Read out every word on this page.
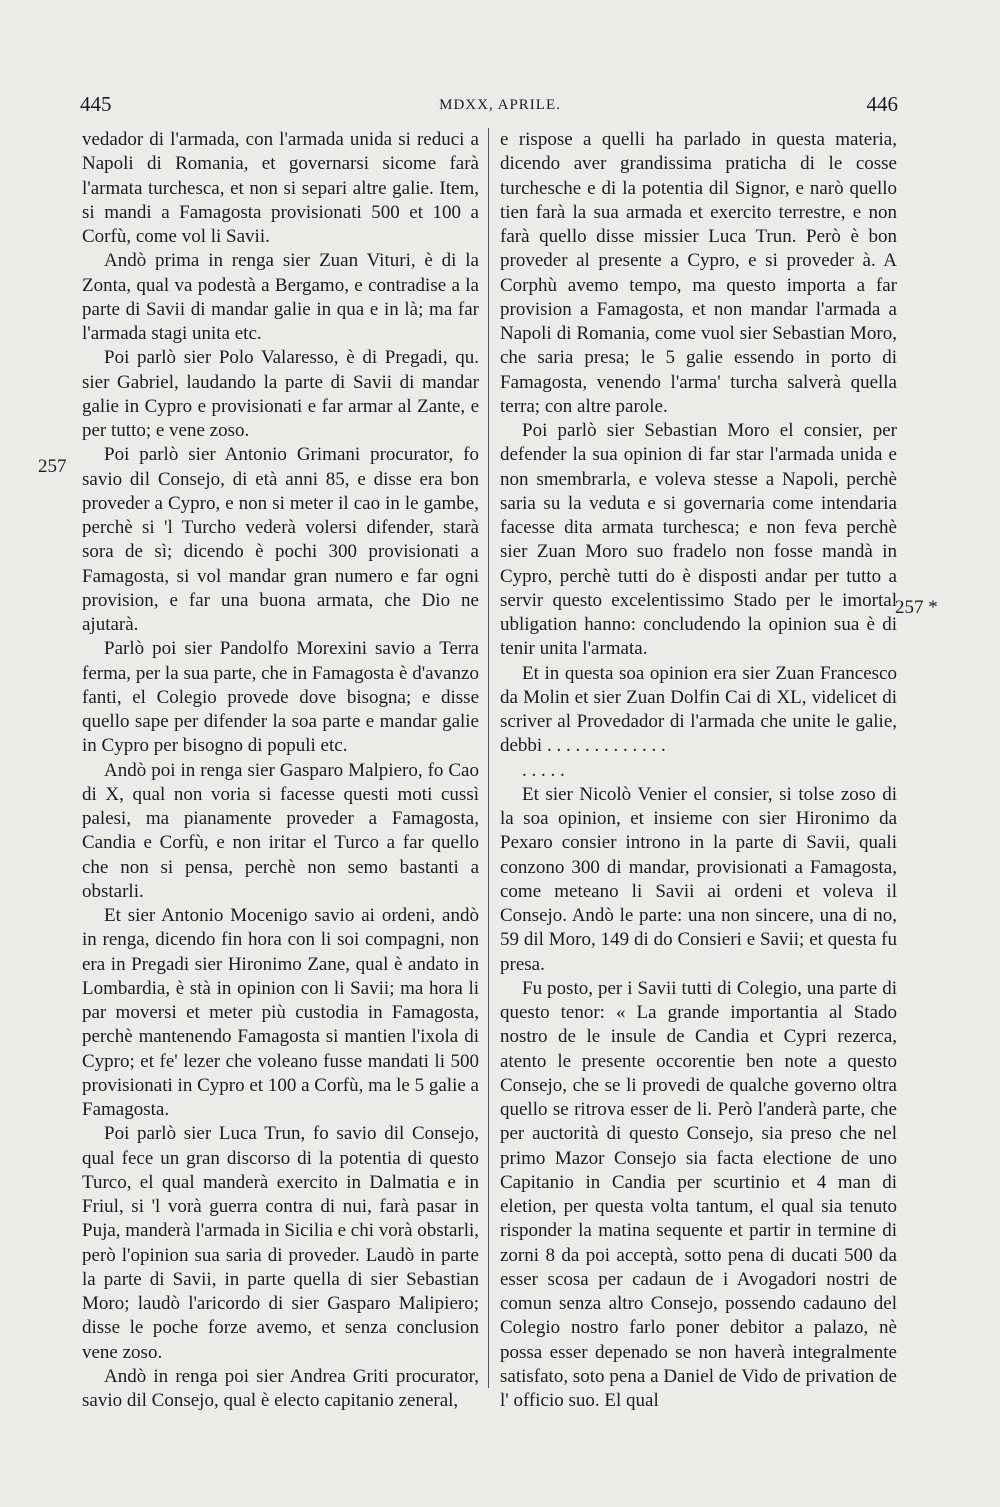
445	MDXX, APRILE.	446
257
257 *

vedador di l'armada, con l'armada unida si reduci a Napoli di Romania, et governarsi sicome farà l'armata turchesca, et non si separi altre galie. Item, si mandi a Famagosta provisionati 500 et 100 a Corfù, come vol li Savii.

Andò prima in renga sier Zuan Vituri, è di la Zonta, qual va podestà a Bergamo, e contradise a la parte di Savii di mandar galie in qua e in là; ma far l'armada stagi unita etc.

Poi parlò sier Polo Valaresso, è di Pregadi, qu. sier Gabriel, laudando la parte di Savii di mandar galie in Cypro e provisionati e far armar al Zante, e per tutto; e vene zoso.

Poi parlò sier Antonio Grimani procurator, fo savio dil Consejo, di età anni 85, e disse era bon proveder a Cypro, e non si meter il cao in le gambe, perchè si 'l Turcho vederà volersi difender, starà sora de sì; dicendo è pochi 300 provisionati a Famagosta, si vol mandar gran numero e far ogni provision, e far una buona armata, che Dio ne ajutarà.

Parlò poi sier Pandolfo Morexini savio a Terra ferma, per la sua parte, che in Famagosta è d'avanzo fanti, el Colegio provede dove bisogna; e disse quello sape per difender la soa parte e mandar galie in Cypro per bisogno di populi etc.

Andò poi in renga sier Gasparo Malpiero, fo Cao di X, qual non voria si facesse questi moti cussì palesi, ma pianamente proveder a Famagosta, Candia e Corfù, e non iritar el Turco a far quello che non si pensa, perchè non semo bastanti a obstarli.

Et sier Antonio Mocenigo savio ai ordeni, andò in renga, dicendo fin hora con li soi compagni, non era in Pregadi sier Hironimo Zane, qual è andato in Lombardia, è stà in opinion con li Savii; ma hora li par moversi et meter più custodia in Famagosta, perchè mantenendo Famagosta si mantien l'ixola di Cypro; et fe' lezer che voleano fusse mandati li 500 provisionati in Cypro et 100 a Corfù, ma le 5 galie a Famagosta.

Poi parlò sier Luca Trun, fo savio dil Consejo, qual fece un gran discorso di la potentia di questo Turco, el qual manderà exercito in Dalmatia e in Friul, si 'l vorà guerra contra di nui, farà pasar in Puja, manderà l'armada in Sicilia e chi vorà obstarli, però l'opinion sua saria di proveder. Laudò in parte la parte di Savii, in parte quella di sier Sebastian Moro; laudò l'aricordo di sier Gasparo Malipiero; disse le poche forze avemo, et senza conclusion vene zoso.

Andò in renga poi sier Andrea Griti procurator, savio dil Consejo, qual è electo capitanio zeneral,

e rispose a quelli ha parlado in questa materia, dicendo aver grandissima praticha di le cosse turchesche e di la potentia dil Signor, e narò quello tien farà la sua armada et exercito terrestre, e non farà quello disse missier Luca Trun. Però è bon proveder al presente a Cypro, e si proveder à. A Corphù avemo tempo, ma questo importa a far provision a Famagosta, et non mandar l'armada a Napoli di Romania, come vuol sier Sebastian Moro, che saria presa; le 5 galie essendo in porto di Famagosta, venendo l'arma' turcha salverà quella terra; con altre parole.

Poi parlò sier Sebastian Moro el consier, per defender la sua opinion di far star l'armada unida e non smembrarla, e voleva stesse a Napoli, perchè saria su la veduta e si governaria come intendaria facesse dita armata turchesca; e non feva perchè sier Zuan Moro suo fradelo non fosse mandà in Cypro, perchè tutti do è disposti andar per tutto a servir questo excelentissimo Stado per le imortal ubligation hanno: concludendo la opinion sua è di tenir unita l'armata.

Et in questa soa opinion era sier Zuan Francesco da Molin et sier Zuan Dolfin Cai di XL, videlicet di scriver al Provedador di l'armada che unite le galie, debbi . . . . . . . . . . . . .

. . . . .

Et sier Nicolò Venier el consier, si tolse zoso di la soa opinion, et insieme con sier Hironimo da Pexaro consier introno in la parte di Savii, quali conzono 300 di mandar, provisionati a Famagosta, come meteano li Savii ai ordeni et voleva il Consejo. Andò le parte: una non sincere, una di no, 59 dil Moro, 149 di do Consieri e Savii; et questa fu presa.

Fu posto, per i Savii tutti di Colegio, una parte di questo tenor: « La grande importantia al Stado nostro de le insule de Candia et Cypri rezerca, atento le presente occorentie ben note a questo Consejo, che se li provedi de qualche governo oltra quello se ritrova esser de li. Però l'anderà parte, che per auctorità di questo Consejo, sia preso che nel primo Mazor Consejo sia facta electione de uno Capitanio in Candia per scurtinio et 4 man di eletion, per questa volta tantum, el qual sia tenuto risponder la matina sequente et partir in termine di zorni 8 da poi acceptà, sotto pena di ducati 500 da esser scosa per cadaun de i Avogadori nostri de comun senza altro Consejo, possendo cadauno del Colegio nostro farlo poner debitor a palazo, nè possa esser depenado se non haverà integralmente satisfato, soto pena a Daniel de Vido de privation de l' officio suo. El qual
